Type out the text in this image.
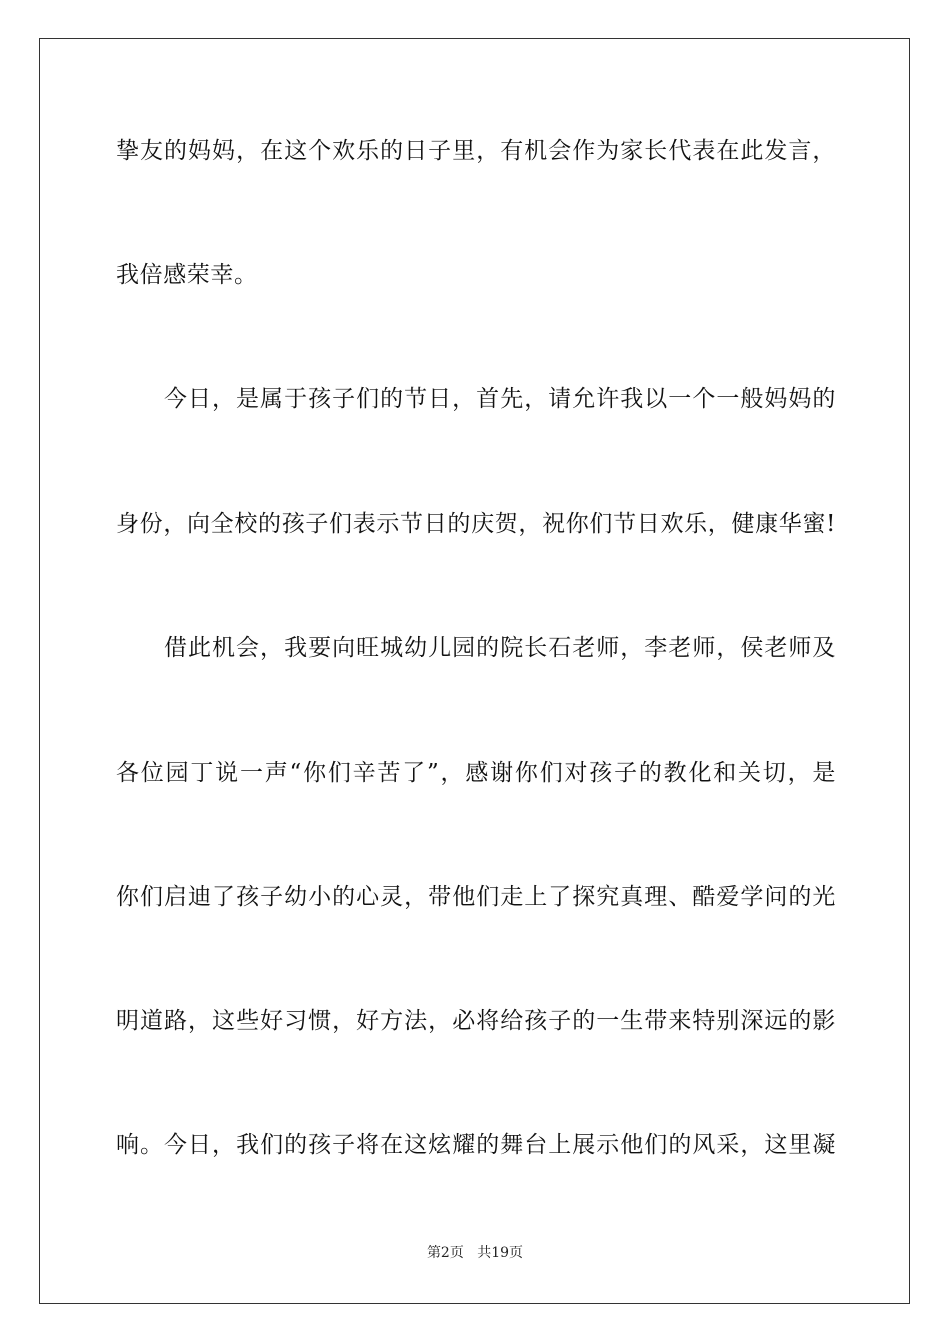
挚友的妈妈，在这个欢乐的日子里，有机会作为家长代表在此发言，
我倍感荣幸。
今日，是属于孩子们的节日，首先，请允许我以一个一般妈妈的
身份，向全校的孩子们表示节日的庆贺，祝你们节日欢乐，健康华蜜!
借此机会，我要向旺城幼儿园的院长石老师，李老师，侯老师及
各位园丁说一声“你们辛苦了”，感谢你们对孩子的教化和关切，是
你们启迪了孩子幼小的心灵，带他们走上了探究真理、酷爱学问的光
明道路，这些好习惯，好方法，必将给孩子的一生带来特别深远的影
响。今日，我们的孩子将在这炫耀的舞台上展示他们的风采，这里凝
第2页 共19页
